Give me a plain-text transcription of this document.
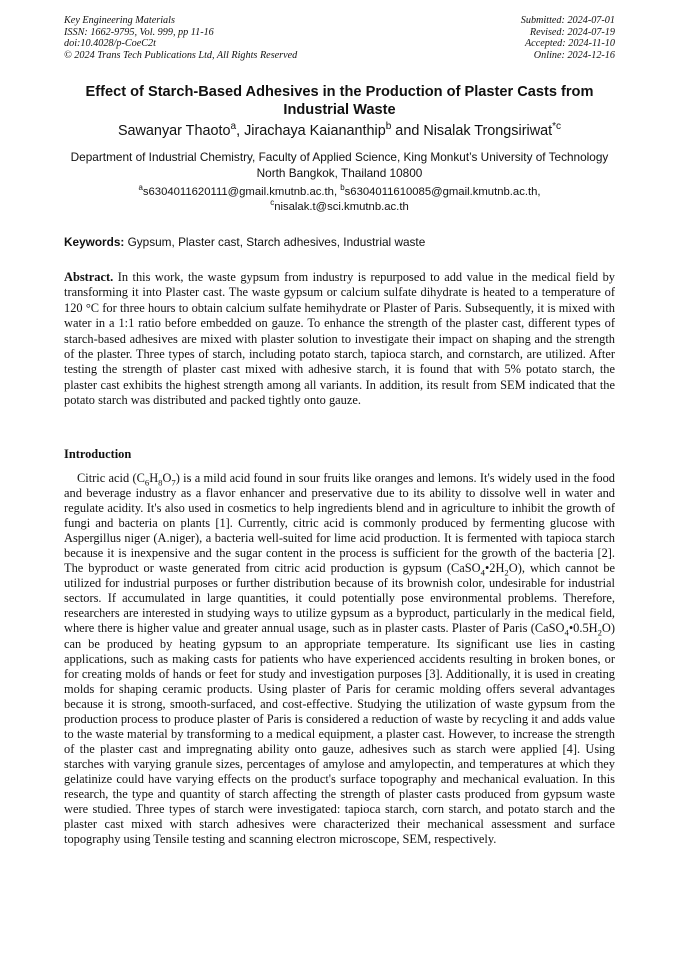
Key Engineering Materials
ISSN: 1662-9795, Vol. 999, pp 11-16
doi:10.4028/p-CoeC2t
© 2024 Trans Tech Publications Ltd, All Rights Reserved
Submitted: 2024-07-01
Revised: 2024-07-19
Accepted: 2024-11-10
Online: 2024-12-16
Effect of Starch-Based Adhesives in the Production of Plaster Casts from Industrial Waste
Sawanyar Thaoto$^a$, Jirachaya Kaiananthip$^b$ and Nisalak Trongsiriwat$^{*c}$
Department of Industrial Chemistry, Faculty of Applied Science, King Monkut’s University of Technology North Bangkok, Thailand 10800
$^a$s6304011620111@gmail.kmutnb.ac.th, $^b$s6304011610085@gmail.kmutnb.ac.th,
$^c$nisalak.t@sci.kmutnb.ac.th
Keywords: Gypsum, Plaster cast, Starch adhesives, Industrial waste

Abstract. In this work, the waste gypsum from industry is repurposed to add value in the medical field by transforming it into Plaster cast. The waste gypsum or calcium sulfate dihydrate is heated to a temperature of 120 °C for three hours to obtain calcium sulfate hemihydrate or Plaster of Paris. Subsequently, it is mixed with water in a 1:1 ratio before embedded on gauze. To enhance the strength of the plaster cast, different types of starch-based adhesives are mixed with plaster solution to investigate their impact on shaping and the strength of the plaster. Three types of starch, including potato starch, tapioca starch, and cornstarch, are utilized. After testing the strength of plaster cast mixed with adhesive starch, it is found that with 5% potato starch, the plaster cast exhibits the highest strength among all variants. In addition, its result from SEM indicated that the potato starch was distributed and packed tightly onto gauze.

Introduction

Citric acid $(C_6H_8O_7)$ is a mild acid found in sour fruits like oranges and lemons. It's widely used in the food and beverage industry as a flavor enhancer and preservative due to its ability to dissolve well in water and regulate acidity. It's also used in cosmetics to help ingredients blend and in agriculture to inhibit the growth of fungi and bacteria on plants [1]. Currently, citric acid is commonly produced by fermenting glucose with Aspergillus niger (A.niger), a bacteria well-suited for lime acid production. It is fermented with tapioca starch because it is inexpensive and the sugar content in the process is sufficient for the growth of the bacteria [2]. The byproduct or waste generated from citric acid production is gypsum $(CaSO_4•2H_2O)$, which cannot be utilized for industrial purposes or further distribution because of its brownish color, undesirable for industrial sectors. If accumulated in large quantities, it could potentially pose environmental problems. Therefore, researchers are interested in studying ways to utilize gypsum as a byproduct, particularly in the medical field, where there is higher value and greater annual usage, such as in plaster casts. Plaster of Paris $(CaSO_4•0.5H_2O)$ can be produced by heating gypsum to an appropriate temperature. Its significant use lies in casting applications, such as making casts for patients who have experienced accidents resulting in broken bones, or for creating molds of hands or feet for study and investigation purposes [3]. Additionally, it is used in creating molds for shaping ceramic products. Using plaster of Paris for ceramic molding offers several advantages because it is strong, smooth-surfaced, and cost-effective. Studying the utilization of waste gypsum from the production process to produce plaster of Paris is considered a reduction of waste by recycling it and adds value to the waste material by transforming to a medical equipment, a plaster cast. However, to increase the strength of the plaster cast and impregnating ability onto gauze, adhesives such as starch were applied [4]. Using starches with varying granule sizes, percentages of amylose and amylopectin, and temperatures at which they gelatinize could have varying effects on the product's surface topography and mechanical evaluation. In this research, the type and quantity of starch affecting the strength of plaster casts produced from gypsum waste were studied. Three types of starch were investigated: tapioca starch, corn starch, and potato starch and the plaster cast mixed with starch adhesives were characterized their mechanical assessment and surface topography using Tensile testing and scanning electron microscope, SEM, respectively.
